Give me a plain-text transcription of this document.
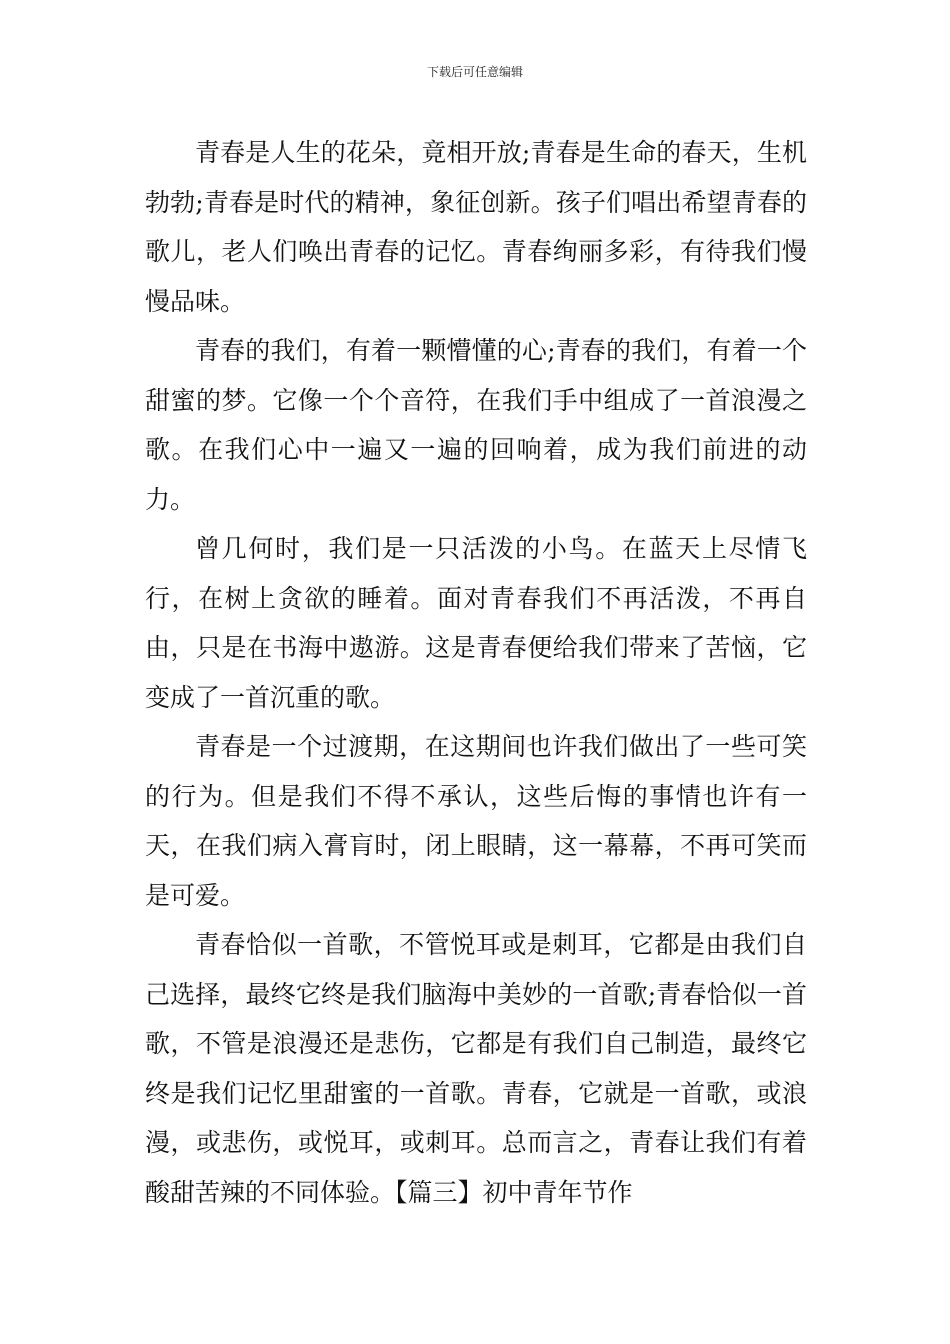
下载后可任意编辑

青春是人生的花朵，竟相开放;青春是生命的春天，生机勃勃;青春是时代的精神，象征创新。孩子们唱出希望青春的歌儿，老人们唤出青春的记忆。青春绚丽多彩，有待我们慢慢品味。

青春的我们，有着一颗懵懂的心;青春的我们，有着一个甜蜜的梦。它像一个个音符，在我们手中组成了一首浪漫之歌。在我们心中一遍又一遍的回响着，成为我们前进的动力。

曾几何时，我们是一只活泼的小鸟。在蓝天上尽情飞行，在树上贪欲的睡着。面对青春我们不再活泼，不再自由，只是在书海中遨游。这是青春便给我们带来了苦恼，它变成了一首沉重的歌。

青春是一个过渡期，在这期间也许我们做出了一些可笑的行为。但是我们不得不承认，这些后悔的事情也许有一天，在我们病入膏肓时，闭上眼睛，这一幕幕，不再可笑而是可爱。

青春恰似一首歌，不管悦耳或是刺耳，它都是由我们自己选择，最终它终是我们脑海中美妙的一首歌;青春恰似一首歌，不管是浪漫还是悲伤，它都是有我们自己制造，最终它终是我们记忆里甜蜜的一首歌。青春，它就是一首歌，或浪漫，或悲伤，或悦耳，或刺耳。总而言之，青春让我们有着酸甜苦辣的不同体验。【篇三】初中青年节作
